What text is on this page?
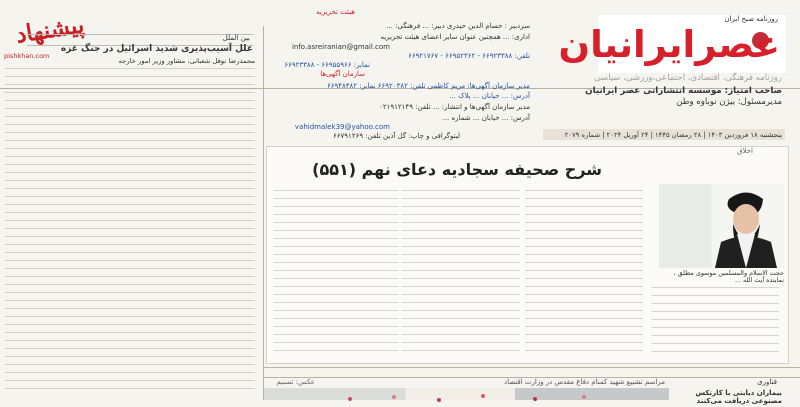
روزنامه صبح ایران
عصرایرانیان
روزنامه فرهنگی، اقتصادی، اجتماعی،ورزشی، سیاسی
صاحب امتیاز: موسسه انتشاراتی عصر ایرانیان
مدیرمسئول: بیژن نوباوه وطن
هیئت تحریریه
سردبیر : حسام الدین حیدری دبیر: ... فرهنگی: ...
اداری: ... همچنین عنوان سایر اعضای هیئت تحریریه
info.asreiranian@gmail.com
تلفن: ۶۶۹۲۳۳۸۸ - ۶۶۹۵۲۳۶۲ - ۶۶۹۲۱۷۶۷
نمابر: ۶۶۹۵۵۹۶۶ - ۶۶۹۲۳۳۸۸
سازمان آگهی‌ها
مدیر سازمان آگهی‌ها: مریم کاظمی تلفن: ۶۶۹۲۰۳۸۲ نمابر: ۶۶۹۴۸۴۸۲
آدرس: ... خیابان ... پلاک ...
مدیر سازمان آگهی‌ها و انتشار: ... تلفن: ۰۲۱۹۱۲۱۴۹
آدرس: ... خیابان ... شماره ...
vahidmalek39@yahoo.com
لیتوگرافی و چاپ: گل آذین تلفن: ۶۶۷۹۱۲۶۹	پنجشنبه ۱۸ فروردین ۱۴۰۳ | ۲۸ رمضان ۱۴۴۵ | ۲۴ آوریل ۲۰۲۴ | شماره ۲۰۷۹
پیشنهاد
pishkhan.com
بین الملل
علل آسیب‌پذیری شدید اسرائیل در جنگ غزه
محمدرضا نوفل شعبانی، مشاور وزیر امور خارجه
اخلاق
شرح صحیفه سجادیه دعای نهم (۵۵۱)
حجت الاسلام والمسلمین موسوی مطلق ، نماینده آیت الله ...
عکس: تسنیم	مراسم تشییع شهید کمنام دفاع مقدس در وزارت اقتصاد	فناوری
بیماران دیابتی با کارتکس مصنوعی دریافت می‌کنند
